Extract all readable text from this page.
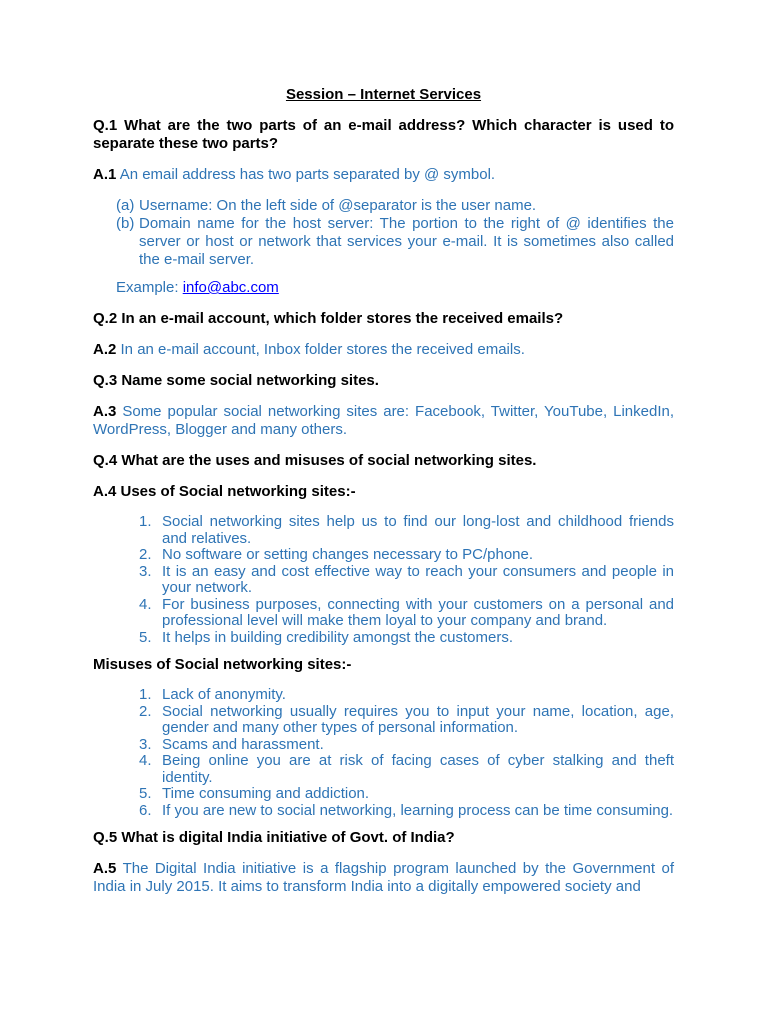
Session – Internet Services

Q.1 What are the two parts of an e-mail address? Which character is used to separate these two parts?

A.1 An email address has two parts separated by @ symbol.

(a) Username: On the left side of @separator is the user name.
(b) Domain name for the host server: The portion to the right of @ identifies the server or host or network that services your e-mail. It is sometimes also called the e-mail server.

Example: info@abc.com

Q.2 In an e-mail account, which folder stores the received emails?

A.2 In an e-mail account, Inbox folder stores the received emails.

Q.3 Name some social networking sites.

A.3 Some popular social networking sites are: Facebook, Twitter, YouTube, LinkedIn, WordPress, Blogger and many others.

Q.4 What are the uses and misuses of social networking sites.

A.4 Uses of Social networking sites:-

1. Social networking sites help us to find our long-lost and childhood friends and relatives.
2. No software or setting changes necessary to PC/phone.
3. It is an easy and cost effective way to reach your consumers and people in your network.
4. For business purposes, connecting with your customers on a personal and professional level will make them loyal to your company and brand.
5. It helps in building credibility amongst the customers.

Misuses of Social networking sites:-

1. Lack of anonymity.
2. Social networking usually requires you to input your name, location, age, gender and many other types of personal information.
3. Scams and harassment.
4. Being online you are at risk of facing cases of cyber stalking and theft identity.
5. Time consuming and addiction.
6. If you are new to social networking, learning process can be time consuming.

Q.5 What is digital India initiative of Govt. of India?

A.5 The Digital India initiative is a flagship program launched by the Government of India in July 2015. It aims to transform India into a digitally empowered society and
